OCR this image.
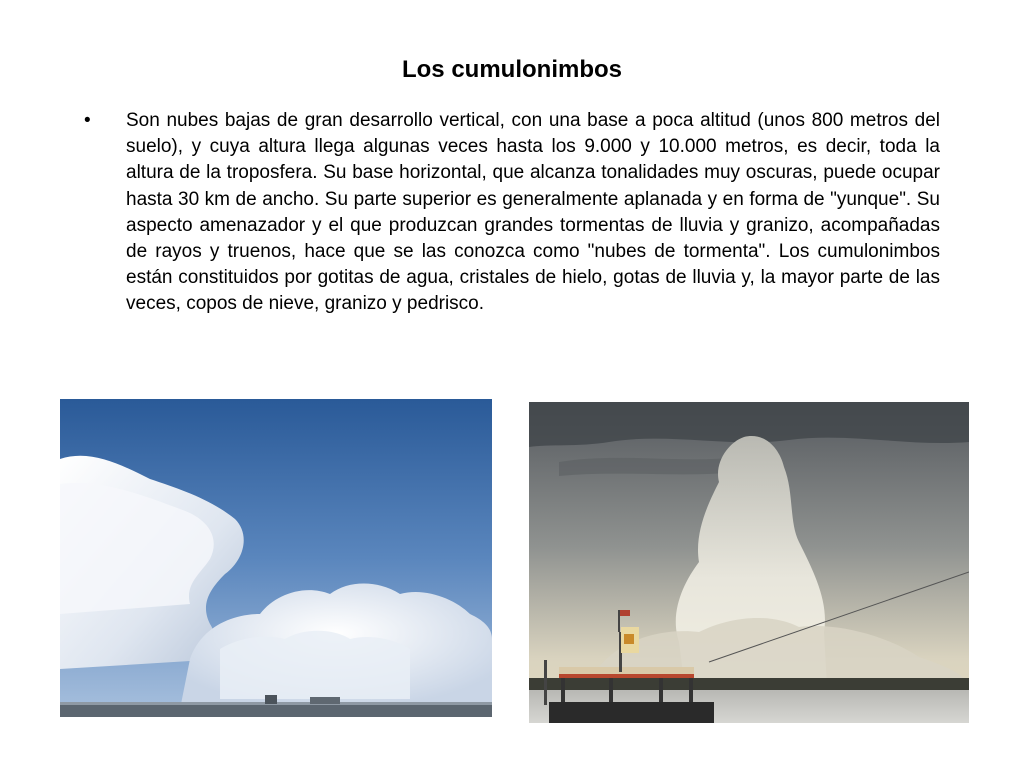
Los cumulonimbos
• Son nubes bajas de gran desarrollo vertical, con una base a poca altitud (unos 800 metros del suelo), y cuya altura llega algunas veces hasta los 9.000 y 10.000 metros, es decir, toda la altura de la troposfera. Su base horizontal, que alcanza tonalidades muy oscuras, puede ocupar hasta 30 km de ancho. Su parte superior es generalmente aplanada y en forma de "yunque". Su aspecto amenazador y el que produzcan grandes tormentas de lluvia y granizo, acompañadas de rayos y truenos, hace que se las conozca como "nubes de tormenta". Los cumulonimbos están constituidos por gotitas de agua, cristales de hielo, gotas de lluvia y, la mayor parte de las veces, copos de nieve, granizo y pedrisco.
